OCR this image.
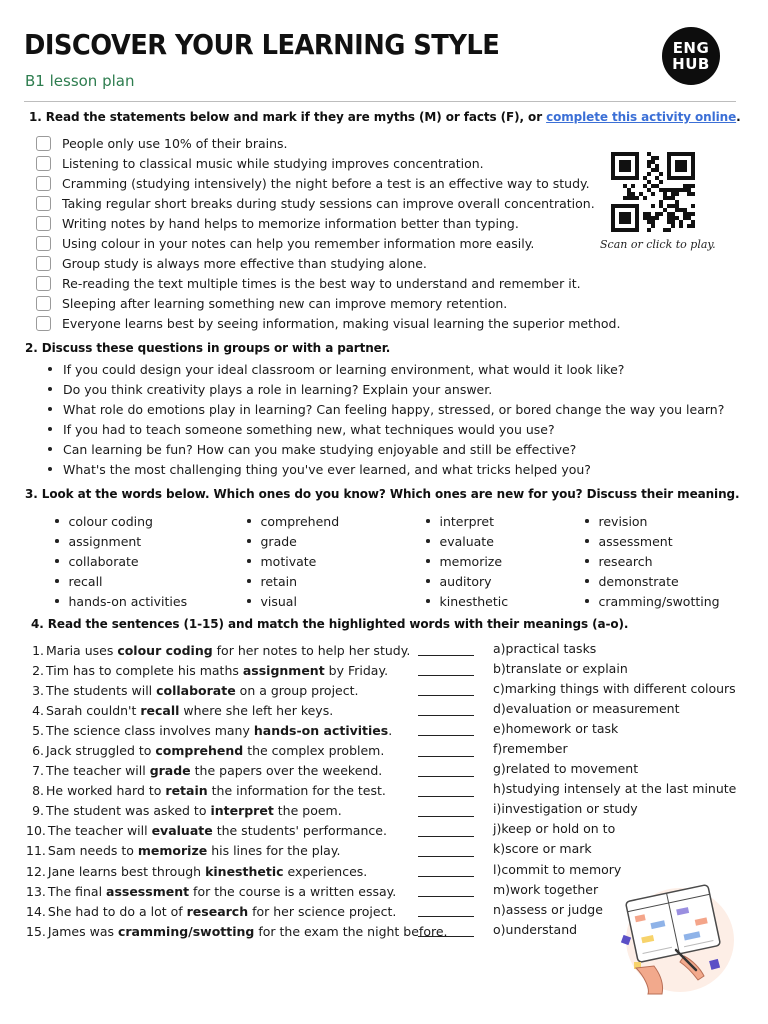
DISCOVER YOUR LEARNING STYLE
B1 lesson plan
ENG
HUB
1. Read the statements below and mark if they are myths (M) or facts (F), or complete this activity online.
People only use 10% of their brains.
Listening to classical music while studying improves concentration.
Cramming (studying intensively) the night before a test is an effective way to study.
Taking regular short breaks during study sessions can improve overall concentration.
Writing notes by hand helps to memorize information better than typing.
Using colour in your notes can help you remember information more easily.
Group study is always more effective than studying alone.
Re-reading the text multiple times is the best way to understand and remember it.
Sleeping after learning something new can improve memory retention.
Everyone learns best by seeing information, making visual learning the superior method.
Scan or click to play.
2. Discuss these questions in groups or with a partner.
If you could design your ideal classroom or learning environment, what would it look like?
Do you think creativity plays a role in learning? Explain your answer.
What role do emotions play in learning? Can feeling happy, stressed, or bored change the way you learn?
If you had to teach someone something new, what techniques would you use?
Can learning be fun? How can you make studying enjoyable and still be effective?
What's the most challenging thing you've ever learned, and what tricks helped you?
3. Look at the words below. Which ones do you know? Which ones are new for you? Discuss their meaning.
colour coding
assignment
collaborate
recall
hands-on activities
comprehend
grade
motivate
retain
visual
interpret
evaluate
memorize
auditory
kinesthetic
revision
assessment
research
demonstrate
cramming/swotting
4. Read the sentences (1-15) and match the highlighted words with their meanings (a-o).
1. Maria uses colour coding for her notes to help her study.
2. Tim has to complete his maths assignment by Friday.
3. The students will collaborate on a group project.
4. Sarah couldn't recall where she left her keys.
5. The science class involves many hands-on activities .
6. Jack struggled to comprehend the complex problem.
7. The teacher will grade the papers over the weekend.
8. He worked hard to retain the information for the test.
9. The student was asked to interpret the poem.
10. The teacher will evaluate the students' performance.
11. Sam needs to memorize his lines for the play.
12. Jane learns best through kinesthetic experiences.
13. The final assessment for the course is a written essay.
14. She had to do a lot of research for her science project.
15. James was cramming/swotting for the exam the night before.
a)practical tasks
b)translate or explain
c)marking things with different colours
d)evaluation or measurement
e)homework or task
f)remember
g)related to movement
h)studying intensely at the last minute
i)investigation or study
j)keep or hold on to
k)score or mark
l)commit to memory
m)work together
n)assess or judge
o)understand
